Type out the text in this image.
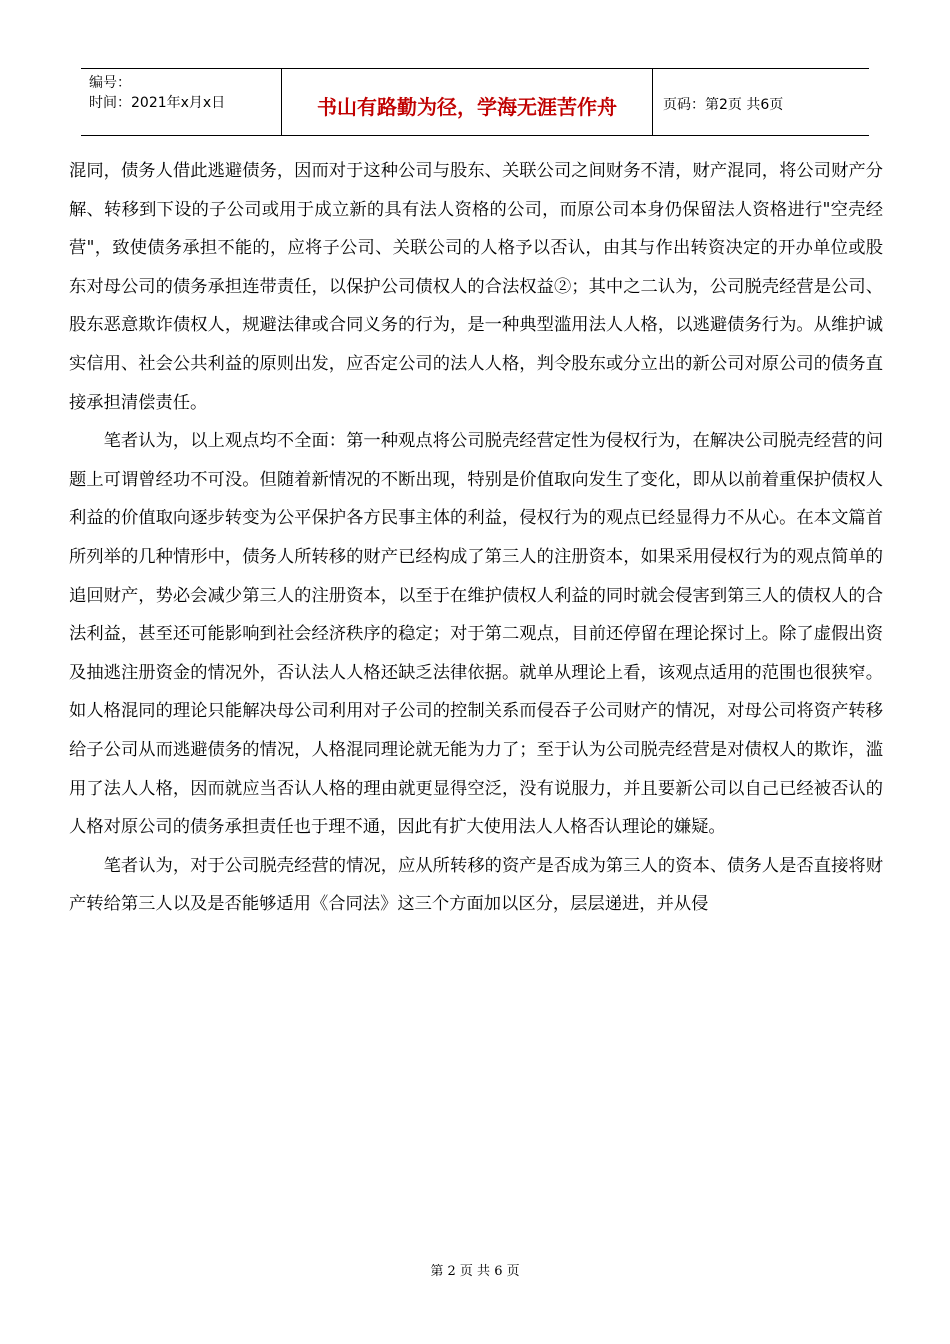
编号：
时间：2021年x月x日	书山有路勤为径，学海无涯苦作舟	页码：第2页 共6页

混同，债务人借此逃避债务，因而对于这种公司与股东、关联公司之间财务不清，财产混同，将公司财产分解、转移到下设的子公司或用于成立新的具有法人资格的公司，而原公司本身仍保留法人资格进行"空壳经营"，致使债务承担不能的，应将子公司、关联公司的人格予以否认，由其与作出转资决定的开办单位或股东对母公司的债务承担连带责任，以保护公司债权人的合法权益②；其中之二认为，公司脱壳经营是公司、股东恶意欺诈债权人，规避法律或合同义务的行为，是一种典型滥用法人人格，以逃避债务行为。从维护诚实信用、社会公共利益的原则出发，应否定公司的法人人格，判令股东或分立出的新公司对原公司的债务直接承担清偿责任。

笔者认为，以上观点均不全面：第一种观点将公司脱壳经营定性为侵权行为，在解决公司脱壳经营的问题上可谓曾经功不可没。但随着新情况的不断出现，特别是价值取向发生了变化，即从以前着重保护债权人利益的价值取向逐步转变为公平保护各方民事主体的利益，侵权行为的观点已经显得力不从心。在本文篇首所列举的几种情形中，债务人所转移的财产已经构成了第三人的注册资本，如果采用侵权行为的观点简单的追回财产，势必会减少第三人的注册资本，以至于在维护债权人利益的同时就会侵害到第三人的债权人的合法利益，甚至还可能影响到社会经济秩序的稳定；对于第二观点，目前还停留在理论探讨上。除了虚假出资及抽逃注册资金的情况外，否认法人人格还缺乏法律依据。就单从理论上看，该观点适用的范围也很狭窄。如人格混同的理论只能解决母公司利用对子公司的控制关系而侵吞子公司财产的情况，对母公司将资产转移给子公司从而逃避债务的情况，人格混同理论就无能为力了；至于认为公司脱壳经营是对债权人的欺诈，滥用了法人人格，因而就应当否认人格的理由就更显得空泛，没有说服力，并且要新公司以自己已经被否认的人格对原公司的债务承担责任也于理不通，因此有扩大使用法人人格否认理论的嫌疑。

笔者认为，对于公司脱壳经营的情况，应从所转移的资产是否成为第三人的资本、债务人是否直接将财产转给第三人以及是否能够适用《合同法》这三个方面加以区分，层层递进，并从侵

第 2 页 共 6 页
